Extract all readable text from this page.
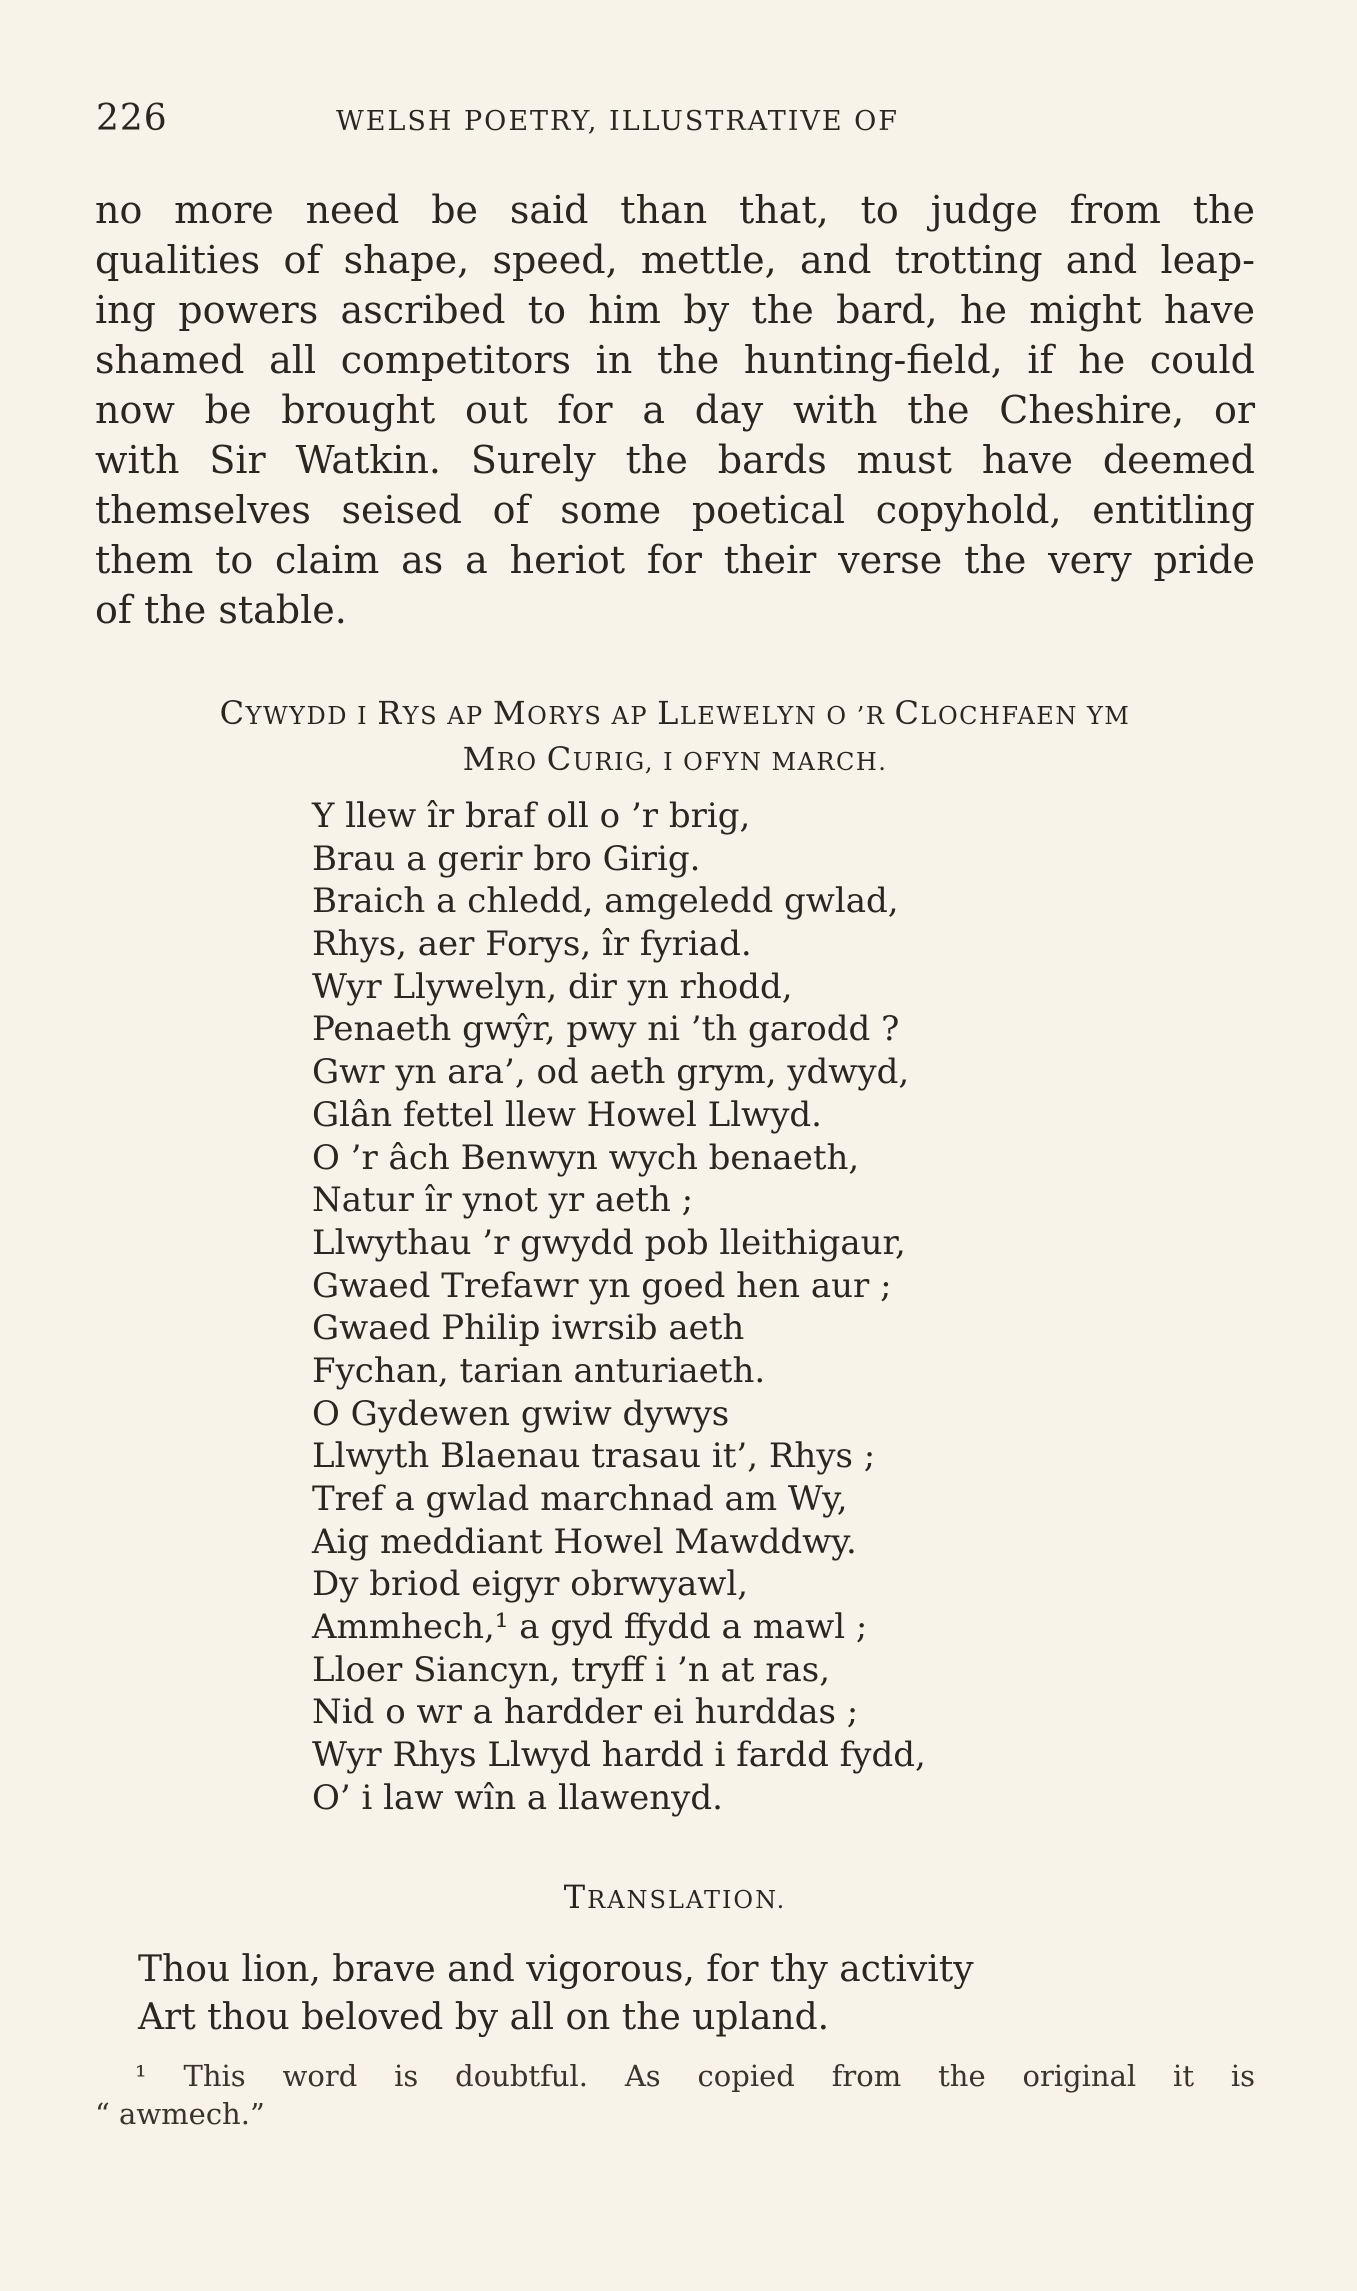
226	WELSH POETRY, ILLUSTRATIVE OF
no more need be said than that, to judge from the
qualities of shape, speed, mettle, and trotting and leap-
ing powers ascribed to him by the bard, he might have
shamed all competitors in the hunting-field, if he could
now be brought out for a day with the Cheshire, or
with Sir Watkin. Surely the bards must have deemed
themselves seised of some poetical copyhold, entitling
them to claim as a heriot for their verse the very pride
of the stable.
CYWYDD I RYS AP MORYS AP LLEWELYN O ’R CLOCHFAEN YM
MRO CURIG, I OFYN MARCH.
Y llew îr braf oll o ’r brig,
Brau a gerir bro Girig.
Braich a chledd, amgeledd gwlad,
Rhys, aer Forys, îr fyriad.
Wyr Llywelyn, dir yn rhodd,
Penaeth gwŷr, pwy ni ’th garodd ?
Gwr yn ara’, od aeth grym, ydwyd,
Glân fettel llew Howel Llwyd.
O ’r âch Benwyn wych benaeth,
Natur îr ynot yr aeth ;
Llwythau ’r gwydd pob lleithigaur,
Gwaed Trefawr yn goed hen aur ;
Gwaed Philip iwrsib aeth
Fychan, tarian anturiaeth.
O Gydewen gwiw dywys
Llwyth Blaenau trasau it’, Rhys ;
Tref a gwlad marchnad am Wy,
Aig meddiant Howel Mawddwy.
Dy briod eigyr obrwyawl,
Ammhech,¹ a gyd ffydd a mawl ;
Lloer Siancyn, tryff i ’n at ras,
Nid o wr a hardder ei hurddas ;
Wyr Rhys Llwyd hardd i fardd fydd,
O’ i law wîn a llawenyd.
TRANSLATION.
Thou lion, brave and vigorous, for thy activity
Art thou beloved by all on the upland.
¹ This word is doubtful. As copied from the original it is
“ awmech.”
